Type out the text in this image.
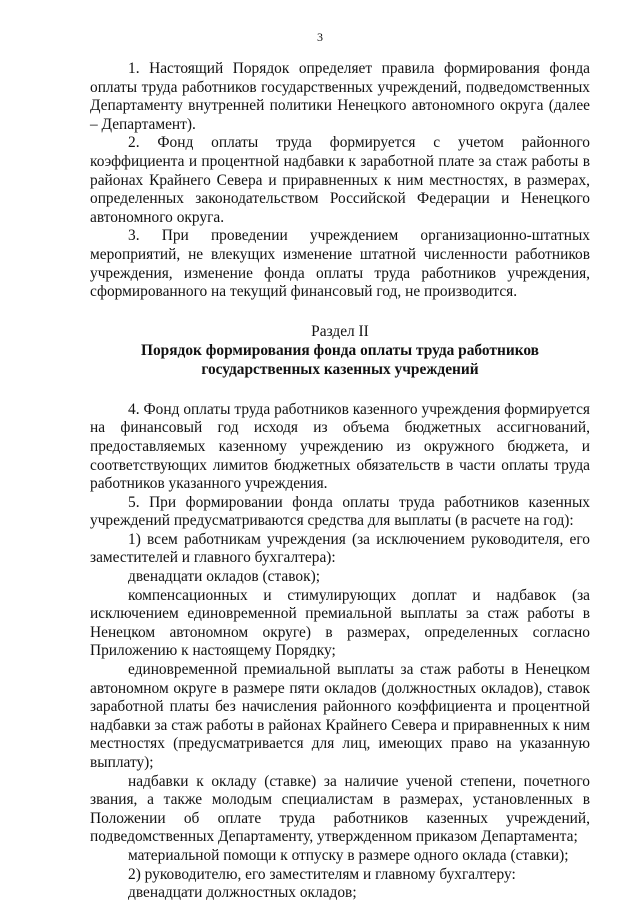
3

1. Настоящий Порядок определяет правила формирования фонда оплаты труда работников государственных учреждений, подведомственных Департаменту внутренней политики Ненецкого автономного округа (далее – Департамент).

2. Фонд оплаты труда формируется с учетом районного коэффициента и процентной надбавки к заработной плате за стаж работы в районах Крайнего Севера и приравненных к ним местностях, в размерах, определенных законодательством Российской Федерации и Ненецкого автономного округа.

3. При проведении учреждением организационно-штатных мероприятий, не влекущих изменение штатной численности работников учреждения, изменение фонда оплаты труда работников учреждения, сформированного на текущий финансовый год, не производится.

Раздел II
Порядок формирования фонда оплаты труда работников государственных казенных учреждений

4. Фонд оплаты труда работников казенного учреждения формируется на финансовый год исходя из объема бюджетных ассигнований, предоставляемых казенному учреждению из окружного бюджета, и соответствующих лимитов бюджетных обязательств в части оплаты труда работников указанного учреждения.

5. При формировании фонда оплаты труда работников казенных учреждений предусматриваются средства для выплаты (в расчете на год):

1) всем работникам учреждения (за исключением руководителя, его заместителей и главного бухгалтера):

двенадцати окладов (ставок);

компенсационных и стимулирующих доплат и надбавок (за исключением единовременной премиальной выплаты за стаж работы в Ненецком автономном округе) в размерах, определенных согласно Приложению к настоящему Порядку;

единовременной премиальной выплаты за стаж работы в Ненецком автономном округе в размере пяти окладов (должностных окладов), ставок заработной платы без начисления районного коэффициента и процентной надбавки за стаж работы в районах Крайнего Севера и приравненных к ним местностях (предусматривается для лиц, имеющих право на указанную выплату);

надбавки к окладу (ставке) за наличие ученой степени, почетного звания, а также молодым специалистам в размерах, установленных в Положении об оплате труда работников казенных учреждений, подведомственных Департаменту, утвержденном приказом Департамента;

материальной помощи к отпуску в размере одного оклада (ставки);

2) руководителю, его заместителям и главному бухгалтеру:

двенадцати должностных окладов;
